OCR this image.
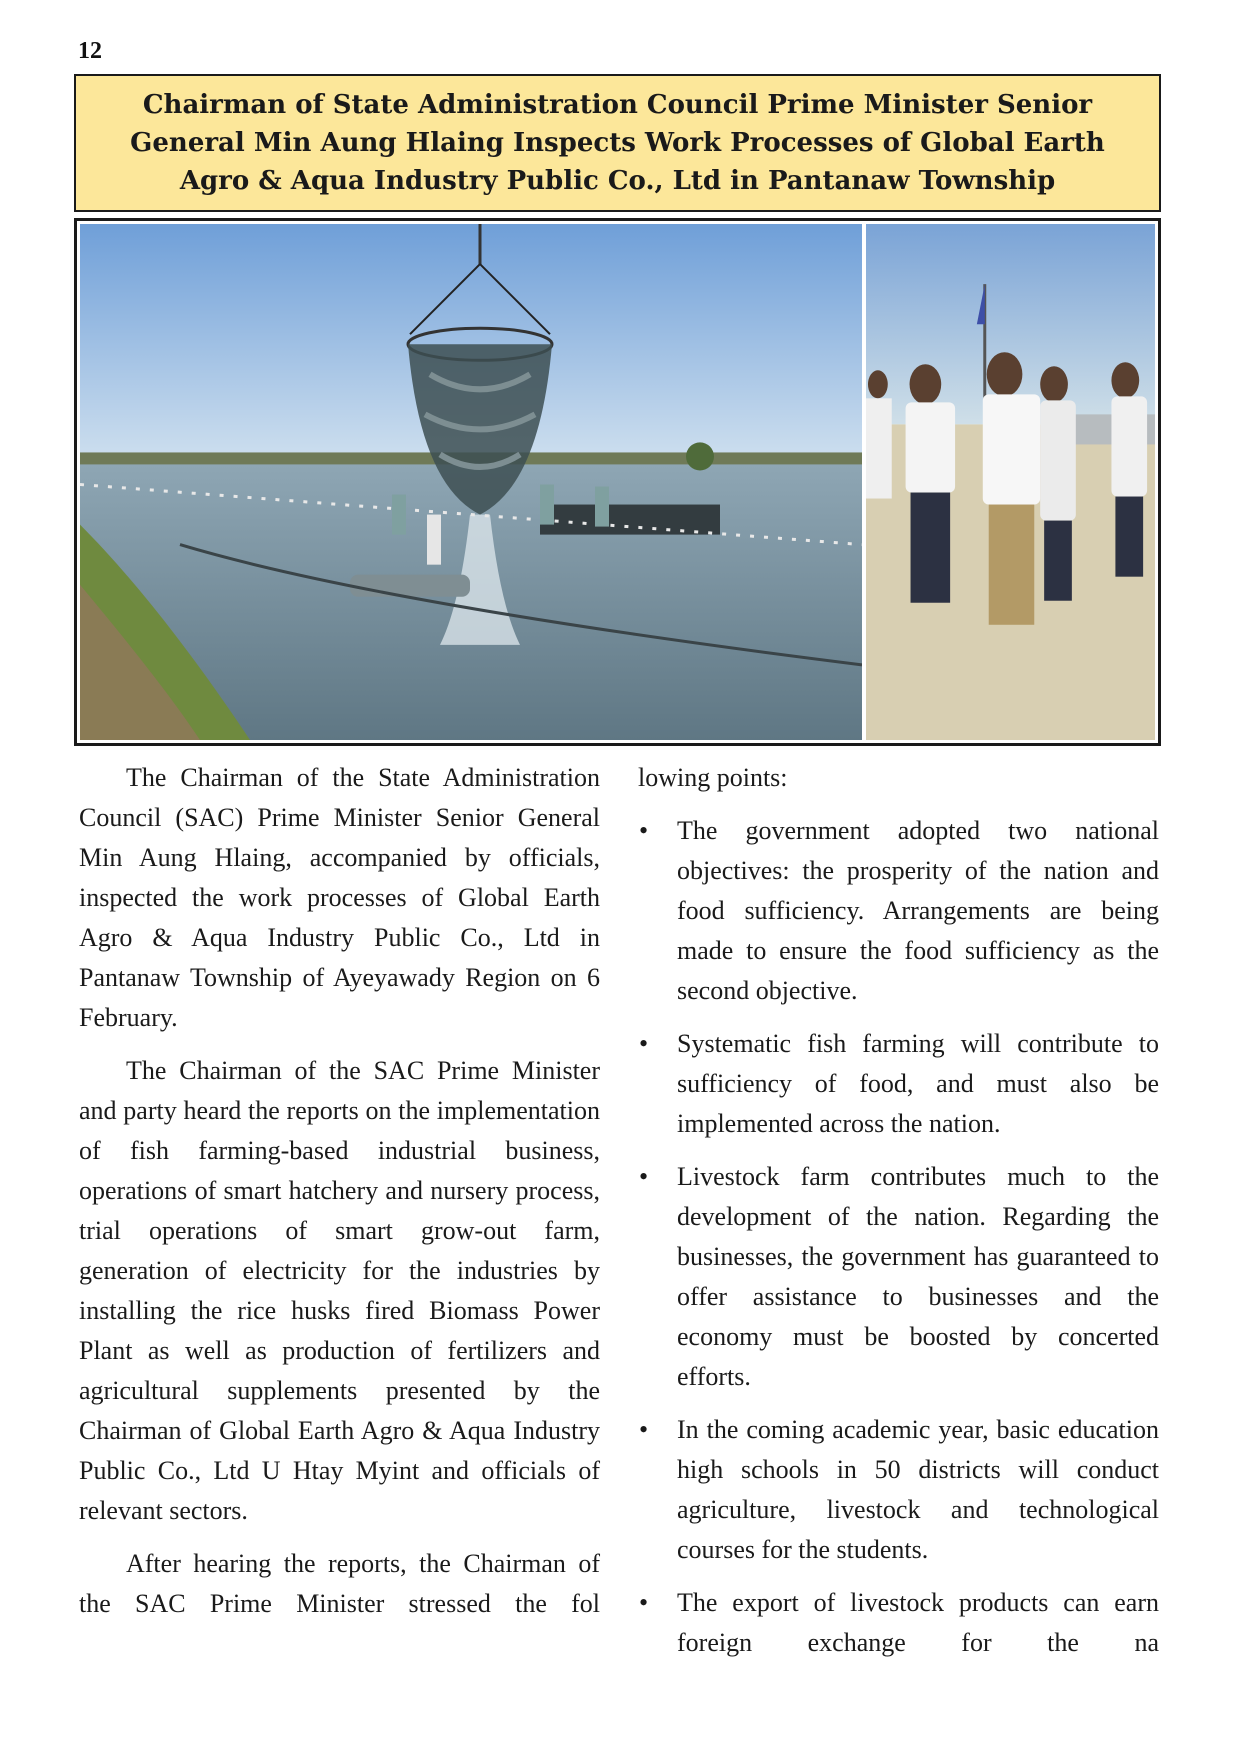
12
Chairman of State Administration Council Prime Minister Senior General Min Aung Hlaing Inspects Work Processes of Global Earth Agro & Aqua Industry Public Co., Ltd in Pantanaw Township

The Chairman of the State Administration Council (SAC) Prime Minister Senior General Min Aung Hlaing, accompanied by officials, inspected the work processes of Global Earth Agro & Aqua Industry Public Co., Ltd in Pantanaw Township of Ayeyawady Region on 6 February.

The Chairman of the SAC Prime Minister and party heard the reports on the implementation of fish farming-based industrial business, operations of smart hatchery and nursery process, trial operations of smart grow-out farm, generation of electricity for the industries by installing the rice husks fired Biomass Power Plant as well as production of fertilizers and agricultural supplements presented by the Chairman of Global Earth Agro & Aqua Industry Public Co., Ltd U Htay Myint and officials of relevant sectors.

After hearing the reports, the Chairman of the SAC Prime Minister stressed the fol

lowing points:

• The government adopted two national objectives: the prosperity of the nation and food sufficiency. Arrangements are being made to ensure the food sufficiency as the second objective.
• Systematic fish farming will contribute to sufficiency of food, and must also be implemented across the nation.
• Livestock farm contributes much to the development of the nation. Regarding the businesses, the government has guaranteed to offer assistance to businesses and the economy must be boosted by concerted efforts.
• In the coming academic year, basic education high schools in 50 districts will conduct agriculture, livestock and technological courses for the students.
• The export of livestock products can earn foreign exchange for the na
